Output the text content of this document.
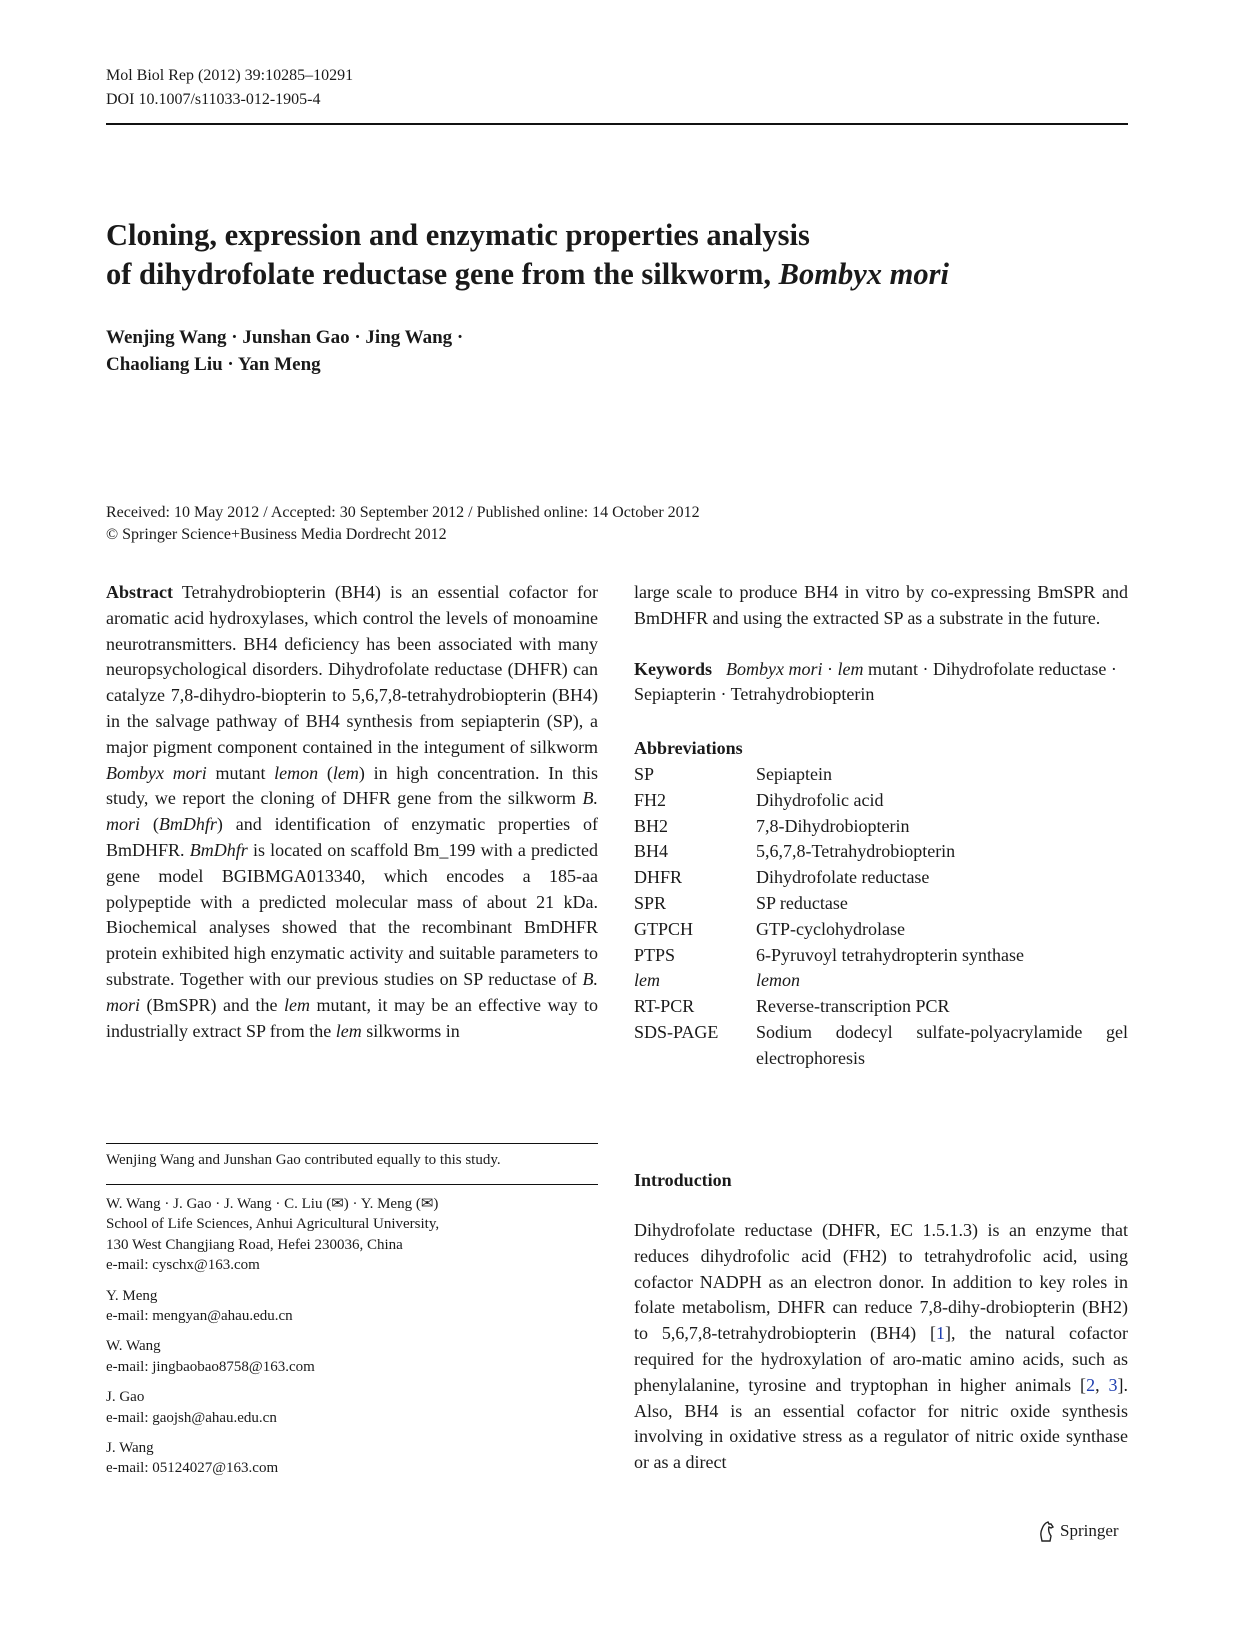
Mol Biol Rep (2012) 39:10285–10291
DOI 10.1007/s11033-012-1905-4
Cloning, expression and enzymatic properties analysis
of dihydrofolate reductase gene from the silkworm, Bombyx mori
Wenjing Wang · Junshan Gao · Jing Wang ·
Chaoliang Liu · Yan Meng
Received: 10 May 2012 / Accepted: 30 September 2012 / Published online: 14 October 2012
© Springer Science+Business Media Dordrecht 2012

Abstract Tetrahydrobiopterin (BH4) is an essential cofactor for aromatic acid hydroxylases, which control the levels of monoamine neurotransmitters. BH4 deficiency has been associated with many neuropsychological disorders. Dihydrofolate reductase (DHFR) can catalyze 7,8-dihydro-biopterin to 5,6,7,8-tetrahydrobiopterin (BH4) in the salvage pathway of BH4 synthesis from sepiapterin (SP), a major pigment component contained in the integument of silkworm Bombyx mori mutant lemon (lem) in high concentration. In this study, we report the cloning of DHFR gene from the silkworm B. mori (BmDhfr) and identification of enzymatic properties of BmDHFR. BmDhfr is located on scaffold Bm_199 with a predicted gene model BGIBMGA013340, which encodes a 185-aa polypeptide with a predicted molecular mass of about 21 kDa. Biochemical analyses showed that the recombinant BmDHFR protein exhibited high enzymatic activity and suitable parameters to substrate. Together with our previous studies on SP reductase of B. mori (BmSPR) and the lem mutant, it may be an effective way to industrially extract SP from the lem silkworms in

Wenjing Wang and Junshan Gao contributed equally to this study.
W. Wang · J. Gao · J. Wang · C. Liu (✉) · Y. Meng (✉)
School of Life Sciences, Anhui Agricultural University,
130 West Changjiang Road, Hefei 230036, China
e-mail: cyschx@163.com
Y. Meng
e-mail: mengyan@ahau.edu.cn
W. Wang
e-mail: jingbaobao8758@163.com
J. Gao
e-mail: gaojsh@ahau.edu.cn
J. Wang
e-mail: 05124027@163.com

large scale to produce BH4 in vitro by co-expressing BmSPR and BmDHFR and using the extracted SP as a substrate in the future.

Keywords Bombyx mori · lem mutant · Dihydrofolate reductase · Sepiapterin · Tetrahydrobiopterin
Abbreviations
SP	Sepiaptein
FH2	Dihydrofolic acid
BH2	7,8-Dihydrobiopterin
BH4	5,6,7,8-Tetrahydrobiopterin
DHFR	Dihydrofolate reductase
SPR	SP reductase
GTPCH	GTP-cyclohydrolase
PTPS	6-Pyruvoyl tetrahydropterin synthase
lem	lemon
RT-PCR	Reverse-transcription PCR
SDS-PAGE	Sodium dodecyl sulfate-polyacrylamide gel electrophoresis
Introduction

Dihydrofolate reductase (DHFR, EC 1.5.1.3) is an enzyme that reduces dihydrofolic acid (FH2) to tetrahydrofolic acid, using cofactor NADPH as an electron donor. In addition to key roles in folate metabolism, DHFR can reduce 7,8-dihy-drobiopterin (BH2) to 5,6,7,8-tetrahydrobiopterin (BH4) [1], the natural cofactor required for the hydroxylation of aro-matic amino acids, such as phenylalanine, tyrosine and tryptophan in higher animals [2, 3]. Also, BH4 is an essential cofactor for nitric oxide synthesis involving in oxidative stress as a regulator of nitric oxide synthase or as a direct

Springer
